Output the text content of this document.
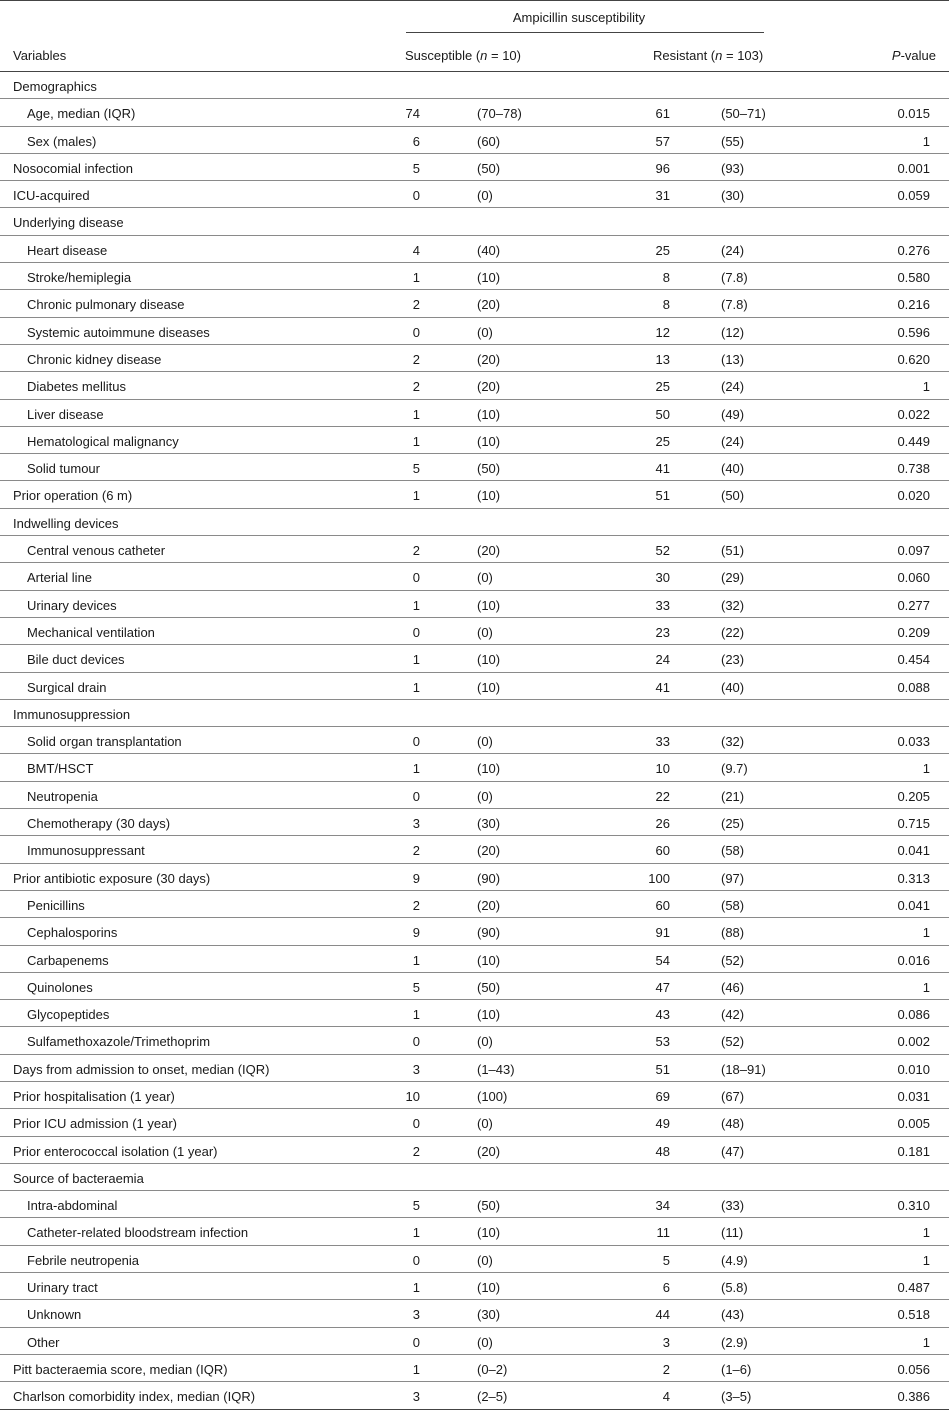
Ampicillin susceptibility
Variables	Susceptible (n = 10)	Resistant (n = 103)	P-value
Demographics
Age, median (IQR)	74	(70–78)	61	(50–71)	0.015
Sex (males)	6	(60)	57	(55)	1
Nosocomial infection	5	(50)	96	(93)	0.001
ICU-acquired	0	(0)	31	(30)	0.059
Underlying disease
Heart disease	4	(40)	25	(24)	0.276
Stroke/hemiplegia	1	(10)	8	(7.8)	0.580
Chronic pulmonary disease	2	(20)	8	(7.8)	0.216
Systemic autoimmune diseases	0	(0)	12	(12)	0.596
Chronic kidney disease	2	(20)	13	(13)	0.620
Diabetes mellitus	2	(20)	25	(24)	1
Liver disease	1	(10)	50	(49)	0.022
Hematological malignancy	1	(10)	25	(24)	0.449
Solid tumour	5	(50)	41	(40)	0.738
Prior operation (6 m)	1	(10)	51	(50)	0.020
Indwelling devices
Central venous catheter	2	(20)	52	(51)	0.097
Arterial line	0	(0)	30	(29)	0.060
Urinary devices	1	(10)	33	(32)	0.277
Mechanical ventilation	0	(0)	23	(22)	0.209
Bile duct devices	1	(10)	24	(23)	0.454
Surgical drain	1	(10)	41	(40)	0.088
Immunosuppression
Solid organ transplantation	0	(0)	33	(32)	0.033
BMT/HSCT	1	(10)	10	(9.7)	1
Neutropenia	0	(0)	22	(21)	0.205
Chemotherapy (30 days)	3	(30)	26	(25)	0.715
Immunosuppressant	2	(20)	60	(58)	0.041
Prior antibiotic exposure (30 days)	9	(90)	100	(97)	0.313
Penicillins	2	(20)	60	(58)	0.041
Cephalosporins	9	(90)	91	(88)	1
Carbapenems	1	(10)	54	(52)	0.016
Quinolones	5	(50)	47	(46)	1
Glycopeptides	1	(10)	43	(42)	0.086
Sulfamethoxazole/Trimethoprim	0	(0)	53	(52)	0.002
Days from admission to onset, median (IQR)	3	(1–43)	51	(18–91)	0.010
Prior hospitalisation (1 year)	10	(100)	69	(67)	0.031
Prior ICU admission (1 year)	0	(0)	49	(48)	0.005
Prior enterococcal isolation (1 year)	2	(20)	48	(47)	0.181
Source of bacteraemia
Intra-abdominal	5	(50)	34	(33)	0.310
Catheter-related bloodstream infection	1	(10)	11	(11)	1
Febrile neutropenia	0	(0)	5	(4.9)	1
Urinary tract	1	(10)	6	(5.8)	0.487
Unknown	3	(30)	44	(43)	0.518
Other	0	(0)	3	(2.9)	1
Pitt bacteraemia score, median (IQR)	1	(0–2)	2	(1–6)	0.056
Charlson comorbidity index, median (IQR)	3	(2–5)	4	(3–5)	0.386
